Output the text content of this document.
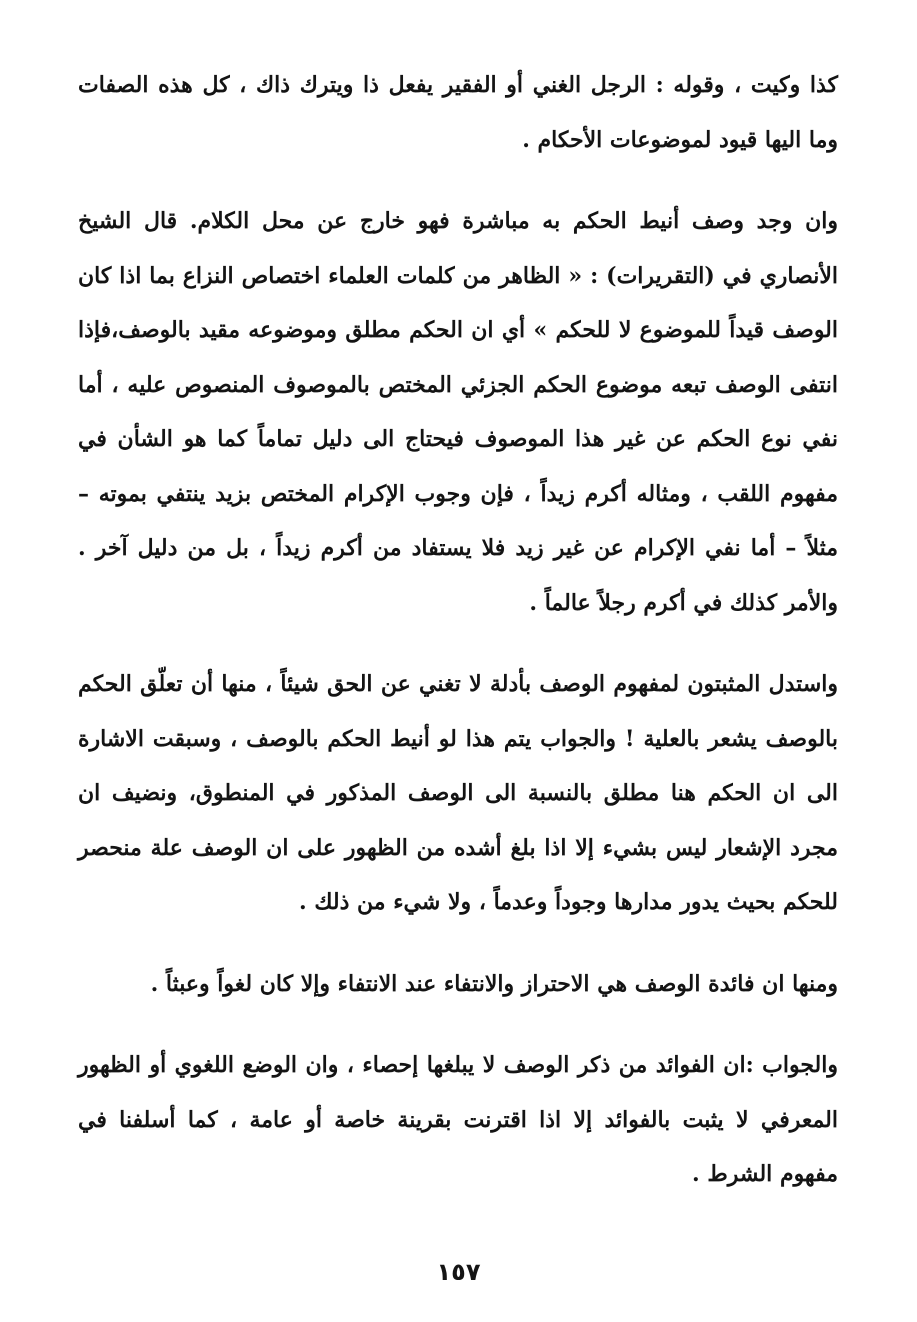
كذا وكيت ، وقوله : الرجل الغني أو الفقير يفعل ذا ويترك ذاك ، كل هذه الصفات وما اليها قيود لموضوعات الأحكام .

وان وجد وصف أنيط الحكم به مباشرة فهو خارج عن محل الكلام. قال الشيخ الأنصاري في (التقريرات) : « الظاهر من كلمات العلماء اختصاص النزاع بما اذا كان الوصف قيداً للموضوع لا للحكم » أي ان الحكم مطلق وموضوعه مقيد بالوصف،فإذا انتفى الوصف تبعه موضوع الحكم الجزئي المختص بالموصوف المنصوص عليه ، أما نفي نوع الحكم عن غير هذا الموصوف فيحتاج الى دليل تماماً كما هو الشأن في مفهوم اللقب ، ومثاله أكرم زيداً ، فإن وجوب الإكرام المختص بزيد ينتفي بموته – مثلاً – أما نفي الإكرام عن غير زيد فلا يستفاد من أكرم زيداً ، بل من دليل آخر . والأمر كذلك في أكرم رجلاً عالماً .

واستدل المثبتون لمفهوم الوصف بأدلة لا تغني عن الحق شيئاً ، منها أن تعلّق الحكم بالوصف يشعر بالعلية ! والجواب يتم هذا لو أنيط الحكم بالوصف ، وسبقت الاشارة الى ان الحكم هنا مطلق بالنسبة الى الوصف المذكور في المنطوق، ونضيف ان مجرد الإشعار ليس بشيء إلا اذا بلغ أشده من الظهور على ان الوصف علة منحصر للحكم بحيث يدور مدارها وجوداً وعدماً ، ولا شيء من ذلك .

ومنها ان فائدة الوصف هي الاحتراز والانتفاء عند الانتفاء وإلا كان لغواً وعبثاً .

والجواب :ان الفوائد من ذكر الوصف لا يبلغها إحصاء ، وان الوضع اللغوي أو الظهور المعرفي لا يثبت بالفوائد إلا اذا اقترنت بقرينة خاصة أو عامة ، كما أسلفنا في مفهوم الشرط .

١٥٧
